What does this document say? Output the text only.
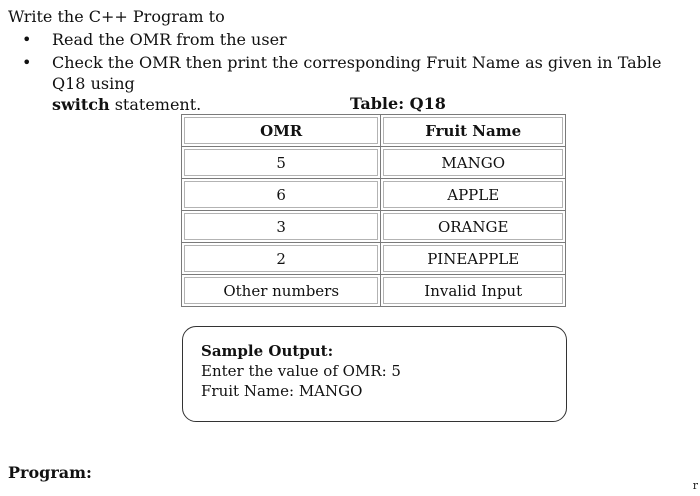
Write the C++ Program to
•	Read the OMR from the user
•	Check the OMR then print the corresponding Fruit Name as given in Table Q18 using
switch statement.	Table: Q18
OMR	Fruit Name
5	MANGO
6	APPLE
3	ORANGE
2	PINEAPPLE
Other numbers	Invalid Input
Sample Output:
Enter the value of OMR: 5
Fruit Name: MANGO
Program:
r
